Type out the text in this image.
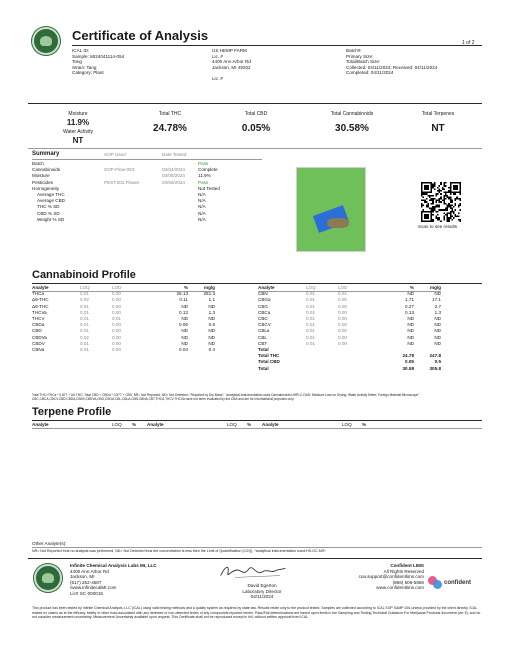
Certificate of Analysis	1 of 2
ICAL ID:
Sample: MI24041114-054
Tang
Strain: Tang
Category: Plant
US HEMP FARM
Lic. #
4400 Ann Arbor Rd
Jackson, MI 49202
Lic. #
Batch#:
Primary Size:
Total/Batch Size:
Collected: 04/11/2024; Received: 04/11/2024
Completed: 04/11/2024
Moisture
11.9%
Water Activity
NT
Total THC
24.78%
Total CBD
0.05%
Total Cannabinoids
30.58%
Total Terpenes
NT
Summary	SOP Used	Date Tested
Batch	Pass
Cannabinoids	SOP-Flow-003	03/04/2024	Complete
Moisture	03/05/2024	11.9%
Pesticides	PEST.002.Flower	03/06/2024	Pass
Homogeneity	Not Tested
Average THC	N/A
Average CBD	N/A
THC % SD	N/A
CBD % SD	N/A
Weight % SD	N/A
Scan to see results
Cannabinoid Profile
Analyte	LOQ	LOD	%	mg/g	Analyte	LOQ	LOD	%	mg/g
THCa	0.01	0.00	28.13	281.3
Δ9-THC	0.02	0.00	0.11	1.1
Δ8-THC	0.01	0.00	ND	ND
THCVa	0.01	0.00	0.13	1.3
THCV	0.01	0.01	ND	ND
CBDa	0.01	0.00	0.06	0.6
CBD	0.01	0.00	ND	ND
CBDVa	0.02	0.00	ND	ND
CBDV	0.01	0.00	ND	ND
CBNa	0.01	0.00	0.04	0.4
CBN	0.01	0.01	ND	ND
CBGa	0.01	0.00	1.71	17.1
CBG	0.01	0.00	0.27	2.7
CBCa	0.02	0.00	0.13	1.3
CBC	0.01	0.00	ND	ND
CBCV	0.01	0.00	ND	ND
CBLa	0.01	0.00	ND	ND
CBL	0.01	0.00	ND	ND
CBT	0.01	0.00	ND	ND
Total
Total THC	24.78	247.8
Total CBD	0.05	0.5
Total	30.58	305.8
Total THC=THCa * 0.877 + Δ9-THC; Total CBD = CBDa * 0.877 + CBD; NR= Not Reported; ND= Not Detected; "Reported by Dry Mass"; "analytical instrumentation used Cannabinoids:UHPLC-DAD; Moisture:Loss on Drying; Water Activity Meter; Foreign Material:Microscope" CBC,CBCA,CBCV,CBD,CBDA,CBDV,CBDVA,CBG,CBGA,CBL,CBLA,CBN,CBNA,CBT,THCA,THCV,THCVA have not been evaluated by the CBA and are for informational purposes only.
Terpene Profile
Analyte	LOQ	%	Analyte	LOQ	%	Analyte	LOQ	%
Other Analyte(s):
NR= Not Reported thus no analysis was performed, ND= Not Detected thus the concentration is less then the Limit of Quantification (LOQ), *analytical instrumentation used:HS-GC-MS*
Infinite Chemical Analysis Labs MI, LLC
4400 Ann Arbor Rd
Jackson, MI
(517) 252-4587
/www.infinitecalMI.com
Lic# SC-000015
David Egerton
Laboratory Director
04/11/2024
Confident LIMS
All Rights Reserved
coa.support@confidentlims.com
(866) 506-5866
www.confidentlims.com
confident
This product has been tested by Infinite Chemical Analysis, LLC (ICAL) using valid testing methods and a quality system as required by state law. Results relate only to the product tested. Samples are collected according to ICAL SOP SAMP-001 unless provided by the client directly. ICAL makes no claims as to the efficacy, safety or other risks associated with any detected or non-detected levels of any compounds reported herein. Pass/Fail determinations are based upon limits in the Sampling and Testing Technical Guidance For Marijuana Products document (ver 5), and do not consider measurement uncertainty. Measurement Uncertainty available upon request. This Certificate shall not be reproduced except in full, without written approval from ICAL.
